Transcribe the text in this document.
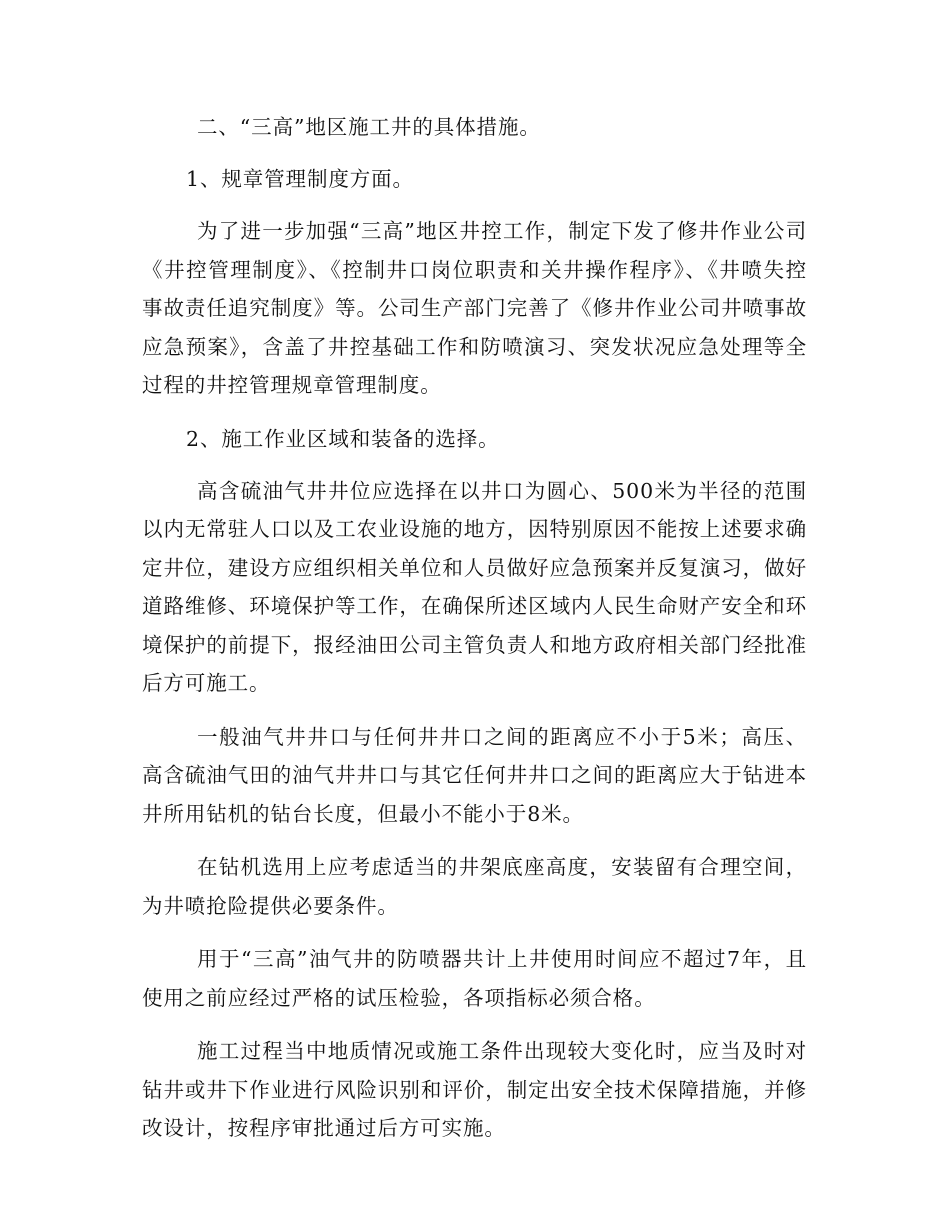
二、“三高”地区施工井的具体措施。

1、规章管理制度方面。

为了进一步加强“三高”地区井控工作，制定下发了修井作业公司《井控管理制度》、《控制井口岗位职责和关井操作程序》、《井喷失控事故责任追究制度》等。公司生产部门完善了《修井作业公司井喷事故应急预案》，含盖了井控基础工作和防喷演习、突发状况应急处理等全过程的井控管理规章管理制度。

2、施工作业区域和装备的选择。

高含硫油气井井位应选择在以井口为圆心、500米为半径的范围以内无常驻人口以及工农业设施的地方，因特别原因不能按上述要求确定井位，建设方应组织相关单位和人员做好应急预案并反复演习，做好道路维修、环境保护等工作，在确保所述区域内人民生命财产安全和环境保护的前提下，报经油田公司主管负责人和地方政府相关部门经批准后方可施工。

一般油气井井口与任何井井口之间的距离应不小于5米；高压、高含硫油气田的油气井井口与其它任何井井口之间的距离应大于钻进本井所用钻机的钻台长度，但最小不能小于8米。

在钻机选用上应考虑适当的井架底座高度，安装留有合理空间，为井喷抢险提供必要条件。

用于“三高”油气井的防喷器共计上井使用时间应不超过7年，且使用之前应经过严格的试压检验，各项指标必须合格。

施工过程当中地质情况或施工条件出现较大变化时，应当及时对钻井或井下作业进行风险识别和评价，制定出安全技术保障措施，并修改设计，按程序审批通过后方可实施。
